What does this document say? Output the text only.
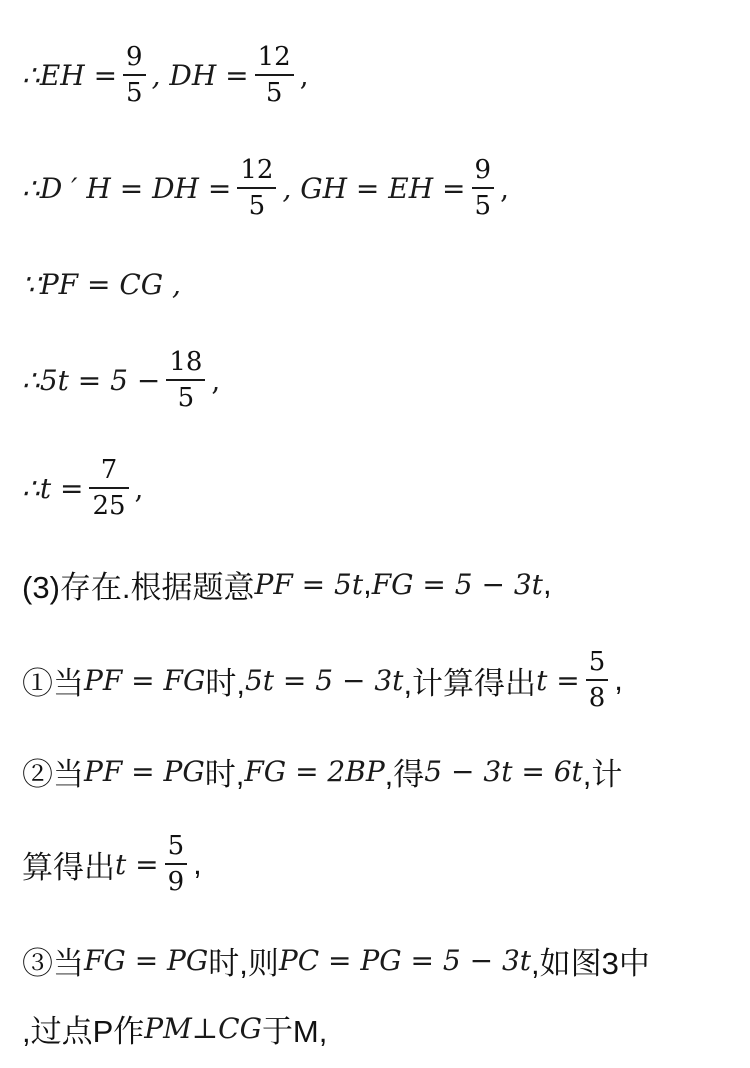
∴EH = $\frac{9}{5}$ , DH = $\frac{12}{5}$ ,
∴D ′ H = DH = $\frac{12}{5}$ , GH = EH = $\frac{9}{5}$ ,
∵PF = CG ,
∴5t = $5 - \frac{18}{5}$ ,
∴t = $\frac{7}{25}$ ,
(3)存在.根据题意 PF = 5t , FG = 5 − 3t ,
①当 PF = FG 时, 5t = 5 − 3t ,计算得出 $t = \frac{5}{8}$ ,
②当 PF = PG 时, FG = 2BP ,得 5 − 3t = 6t ,计
算得出 $t = \frac{5}{9}$ ,
③当 FG = PG 时,则 PC = PG = 5 − 3t ,如图3中
,过点P作 PM⊥CG 于M,
